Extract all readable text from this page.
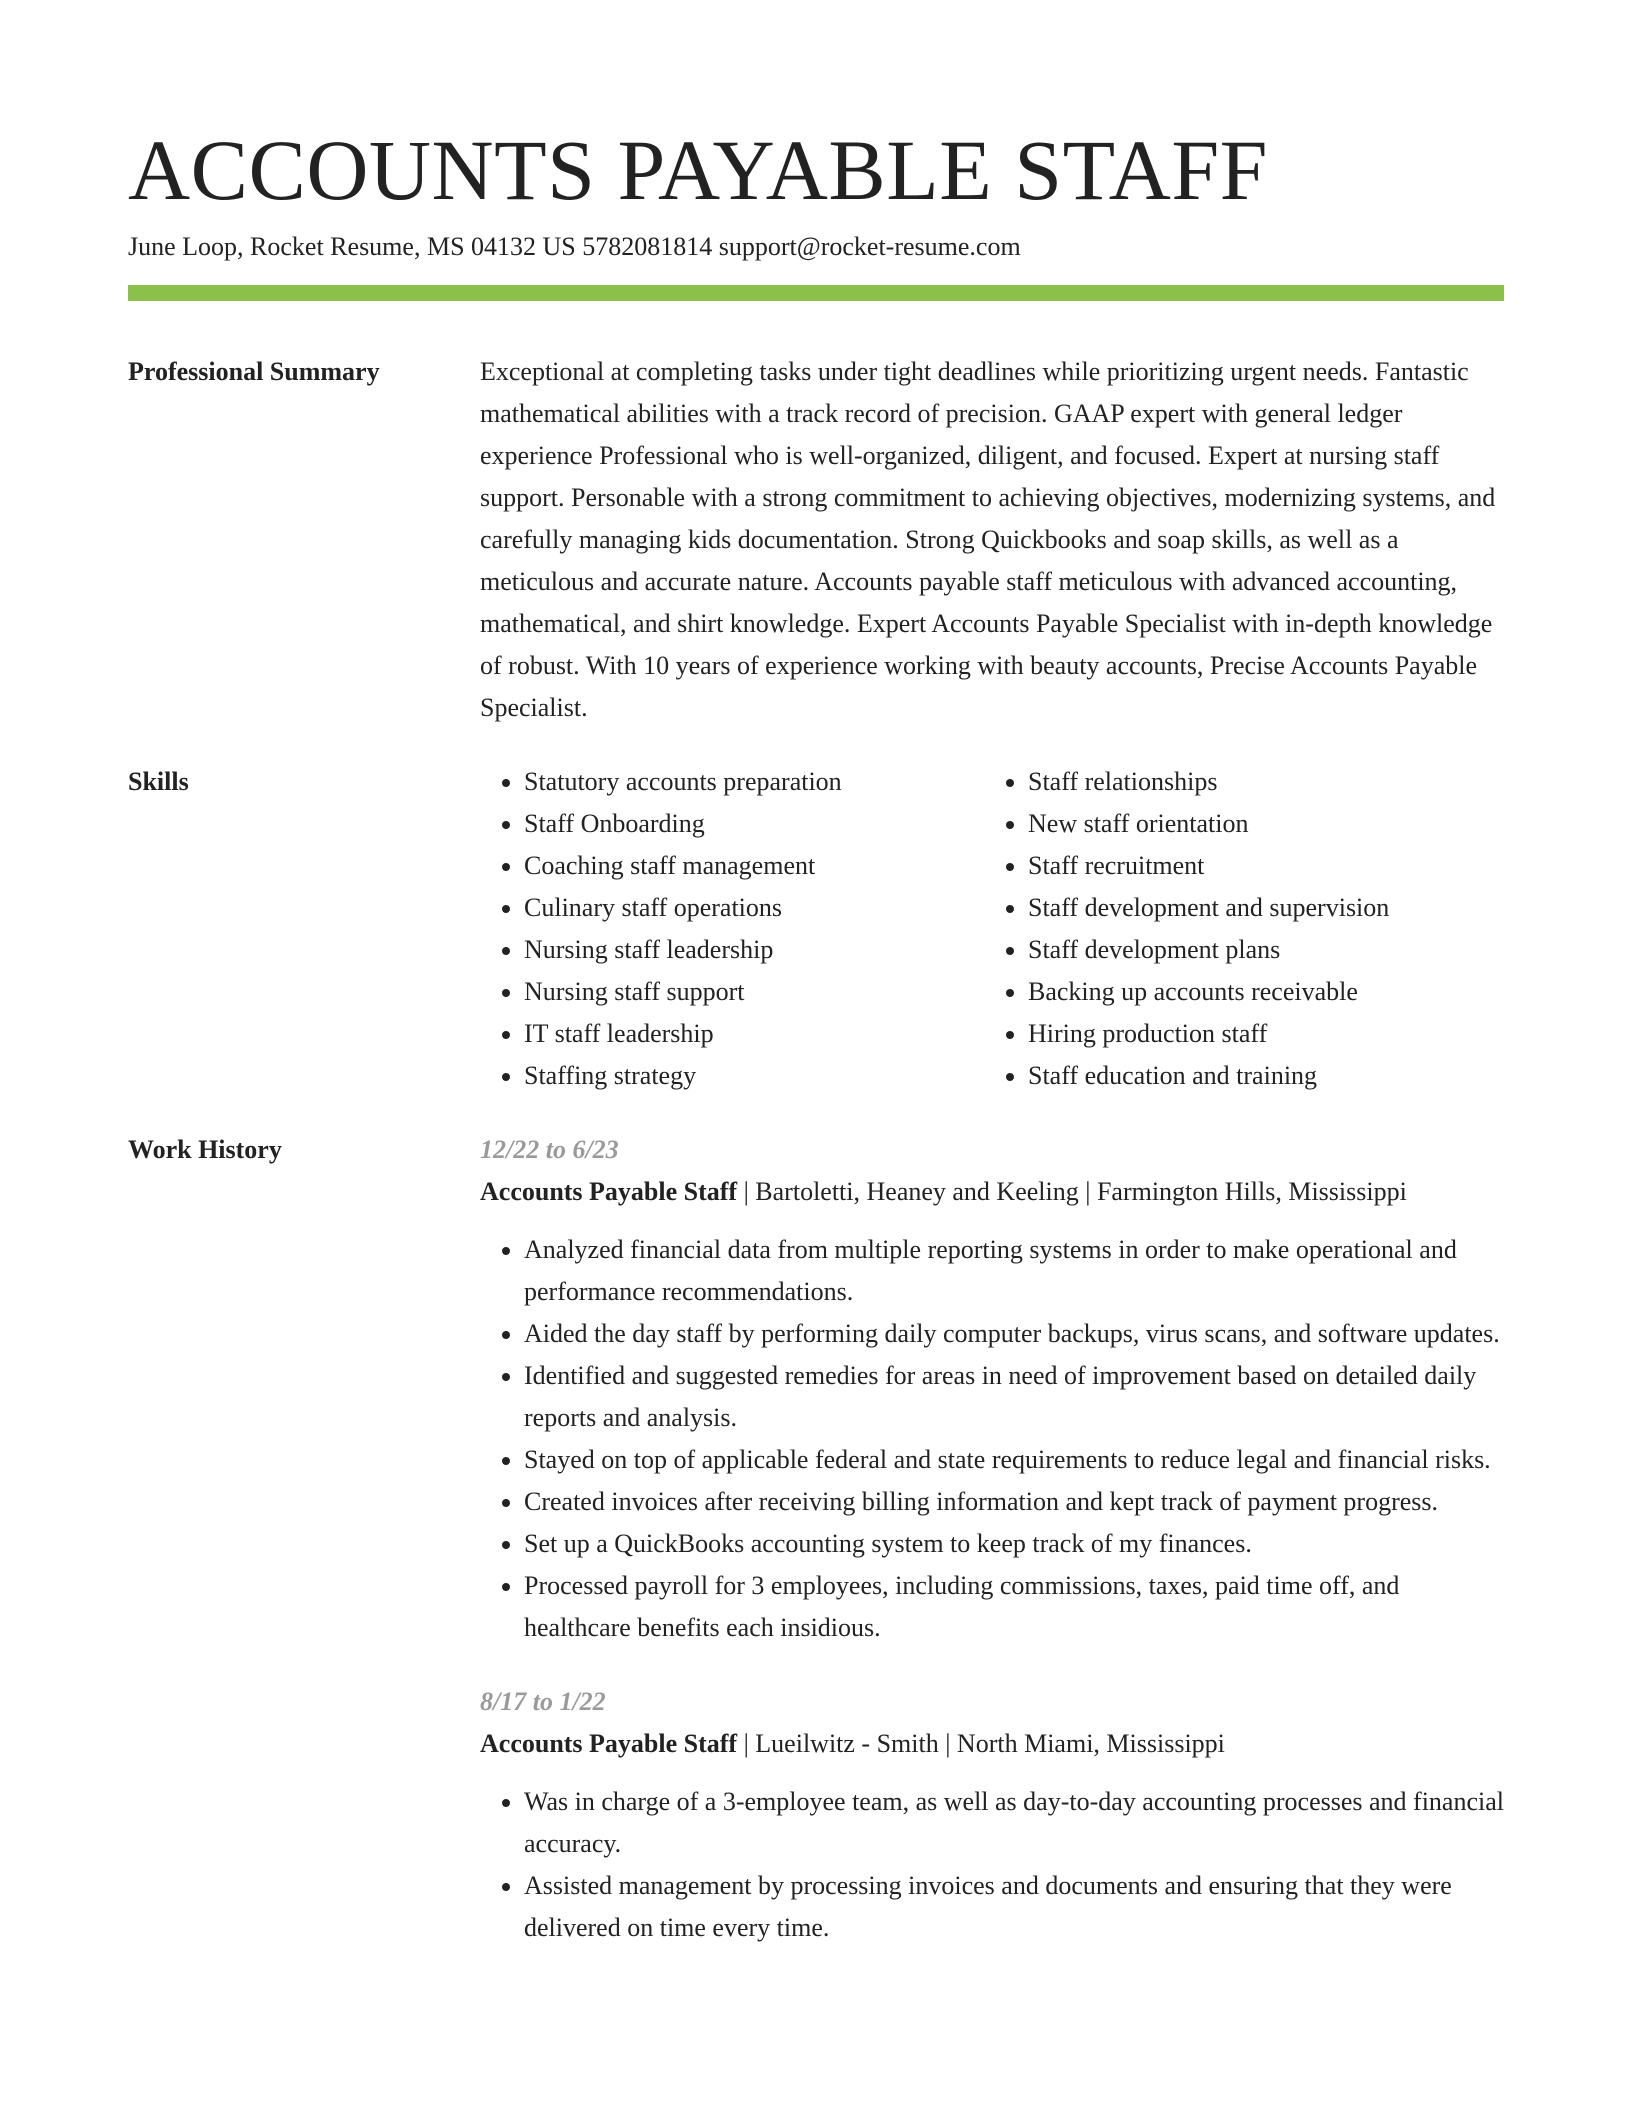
ACCOUNTS PAYABLE STAFF
June Loop, Rocket Resume, MS 04132 US 5782081814 support@rocket-resume.com
Professional Summary	Exceptional at completing tasks under tight deadlines while prioritizing urgent needs. Fantastic mathematical abilities with a track record of precision. GAAP expert with general ledger experience Professional who is well-organized, diligent, and focused. Expert at nursing staff support. Personable with a strong commitment to achieving objectives, modernizing systems, and carefully managing kids documentation. Strong Quickbooks and soap skills, as well as a meticulous and accurate nature. Accounts payable staff meticulous with advanced accounting, mathematical, and shirt knowledge. Expert Accounts Payable Specialist with in-depth knowledge of robust. With 10 years of experience working with beauty accounts, Precise Accounts Payable Specialist.

Skills
•	Statutory accounts preparation
• Staff Onboarding
• Coaching staff management
• Culinary staff operations
• Nursing staff leadership
• Nursing staff support
• IT staff leadership
• Staffing strategy
• Staff relationships
• New staff orientation
• Staff recruitment
• Staff development and supervision
• Staff development plans
• Backing up accounts receivable
• Hiring production staff
• Staff education and training
Work History	12/22 to 6/23
Accounts Payable Staff | Bartoletti, Heaney and Keeling | Farmington Hills, Mississippi
• Analyzed financial data from multiple reporting systems in order to make operational and performance recommendations.
• Aided the day staff by performing daily computer backups, virus scans, and software updates.
• Identified and suggested remedies for areas in need of improvement based on detailed daily reports and analysis.
• Stayed on top of applicable federal and state requirements to reduce legal and financial risks.
• Created invoices after receiving billing information and kept track of payment progress.
• Set up a QuickBooks accounting system to keep track of my finances.
• Processed payroll for 3 employees, including commissions, taxes, paid time off, and healthcare benefits each insidious.
8/17 to 1/22
Accounts Payable Staff | Lueilwitz - Smith | North Miami, Mississippi
• Was in charge of a 3-employee team, as well as day-to-day accounting processes and financial accuracy.
• Assisted management by processing invoices and documents and ensuring that they were delivered on time every time.
